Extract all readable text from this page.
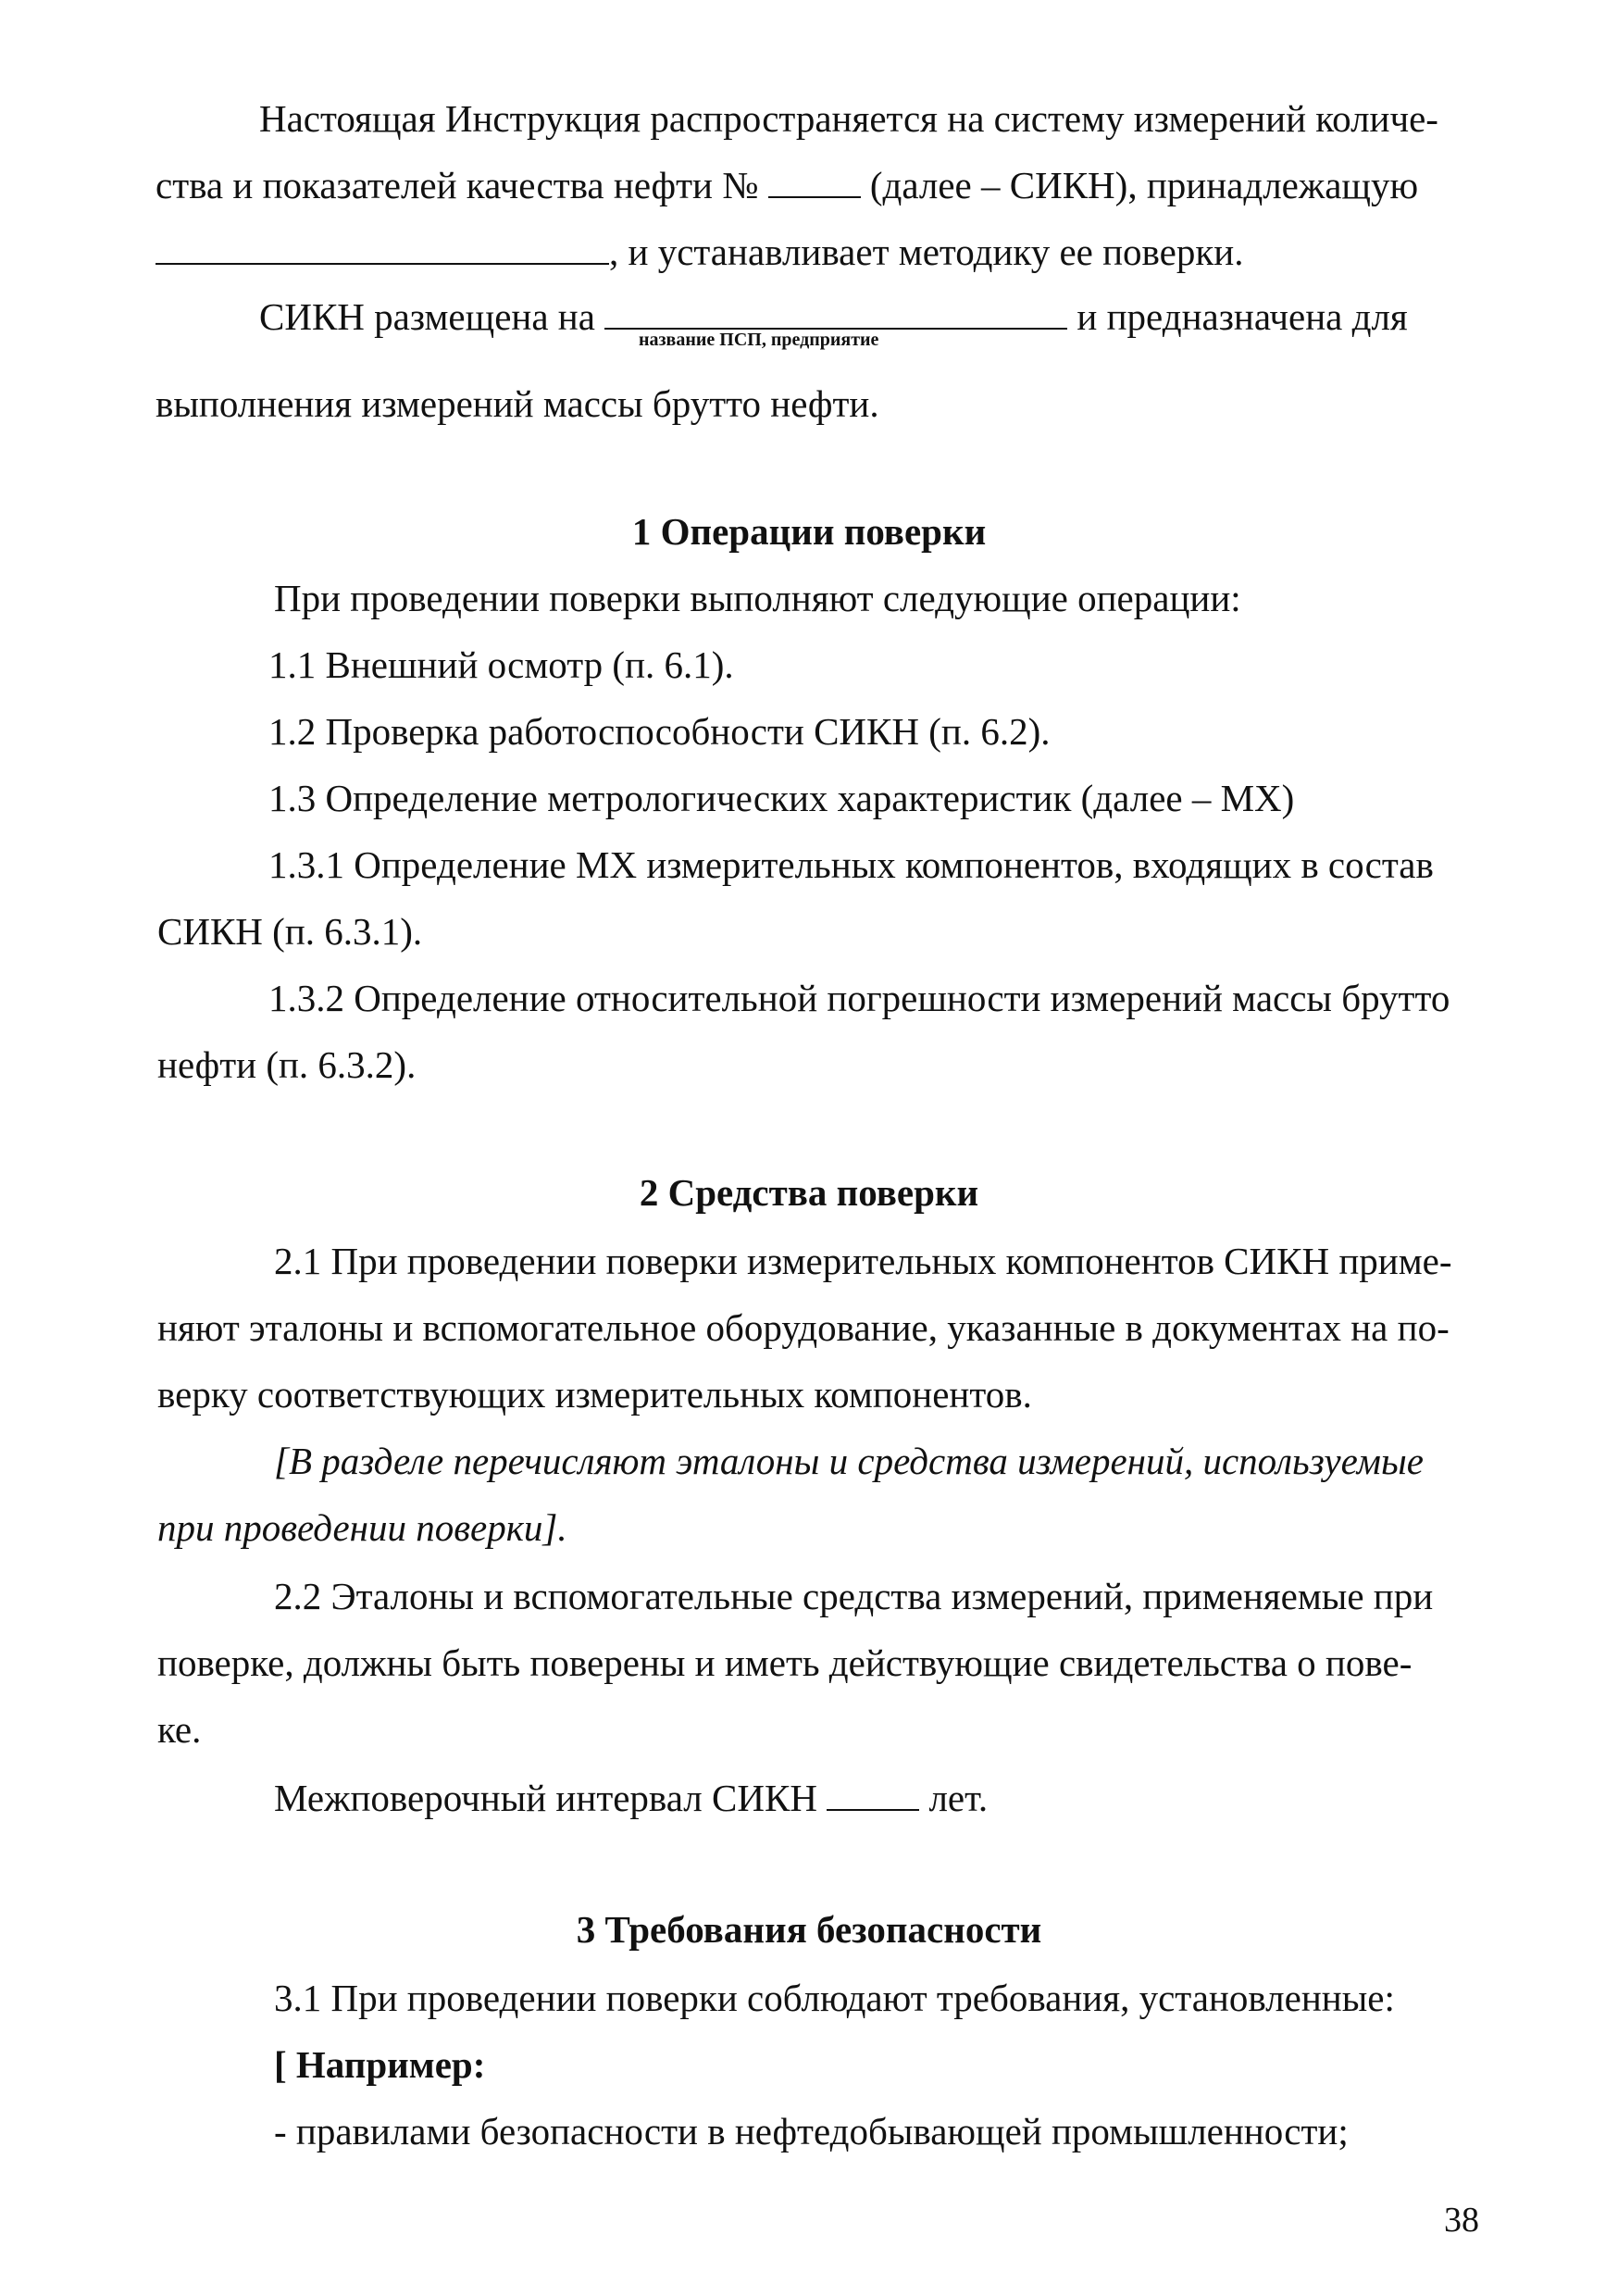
Настоящая Инструкция распространяется на систему измерений количе-
ства и показателей качества нефти №	(далее – СИКН), принадлежащую
, и устанавливает методику ее поверки.
СИКН размещена на	и предназначена для
название ПСП, предприятие
выполнения измерений массы брутто нефти.
1 Операции поверки
При проведении поверки выполняют следующие операции:
1.1 Внешний осмотр (п. 6.1).
1.2 Проверка работоспособности СИКН (п. 6.2).
1.3 Определение метрологических характеристик (далее – МХ)
1.3.1 Определение МХ измерительных компонентов, входящих в состав
СИКН (п. 6.3.1).
1.3.2 Определение относительной погрешности измерений массы брутто
нефти (п. 6.3.2).
2 Средства поверки
2.1 При проведении поверки измерительных компонентов СИКН приме-
няют эталоны и вспомогательное оборудование, указанные в документах на по-
верку соответствующих измерительных компонентов.
[В разделе перечисляют эталоны и средства измерений, используемые
при проведении поверки].
2.2 Эталоны и вспомогательные средства измерений, применяемые при
поверке, должны быть поверены и иметь действующие свидетельства о пове-
ке.
Межповерочный интервал СИКН	лет.
3 Требования безопасности
3.1 При проведении поверки соблюдают требования, установленные:
[ Например:
- правилами безопасности в нефтедобывающей промышленности;
38
